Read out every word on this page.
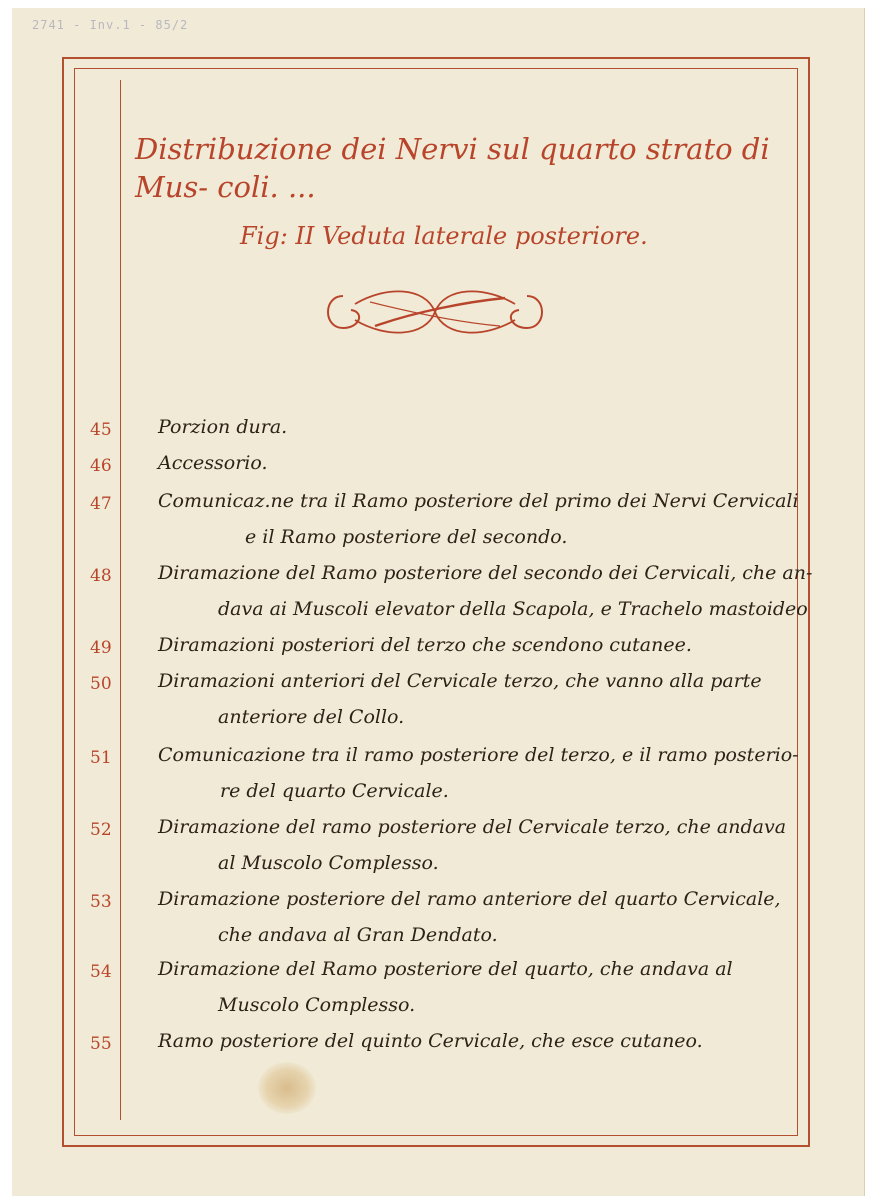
2741 - Inv.1 - 85/2
Distribuzione dei Nervi sul quarto strato di Mus- coli. ...
Fig: II Veduta laterale posteriore.
45	Porzion dura.
46	Accessorio.
47	Comunicaz.ne tra il Ramo posteriore del primo dei Nervi Cervicali
e il Ramo posteriore del secondo.
48	Diramazione del Ramo posteriore del secondo dei Cervicali, che an-
dava ai Muscoli elevator della Scapola, e Trachelo mastoideo
49	Diramazioni posteriori del terzo che scendono cutanee.
50	Diramazioni anteriori del Cervicale terzo, che vanno alla parte
anteriore del Collo.
51	Comunicazione tra il ramo posteriore del terzo, e il ramo posterio-
re del quarto Cervicale.
52	Diramazione del ramo posteriore del Cervicale terzo, che andava
al Muscolo Complesso.
53	Diramazione posteriore del ramo anteriore del quarto Cervicale,
che andava al Gran Dendato.
54	Diramazione del Ramo posteriore del quarto, che andava al
Muscolo Complesso.
55	Ramo posteriore del quinto Cervicale, che esce cutaneo.
